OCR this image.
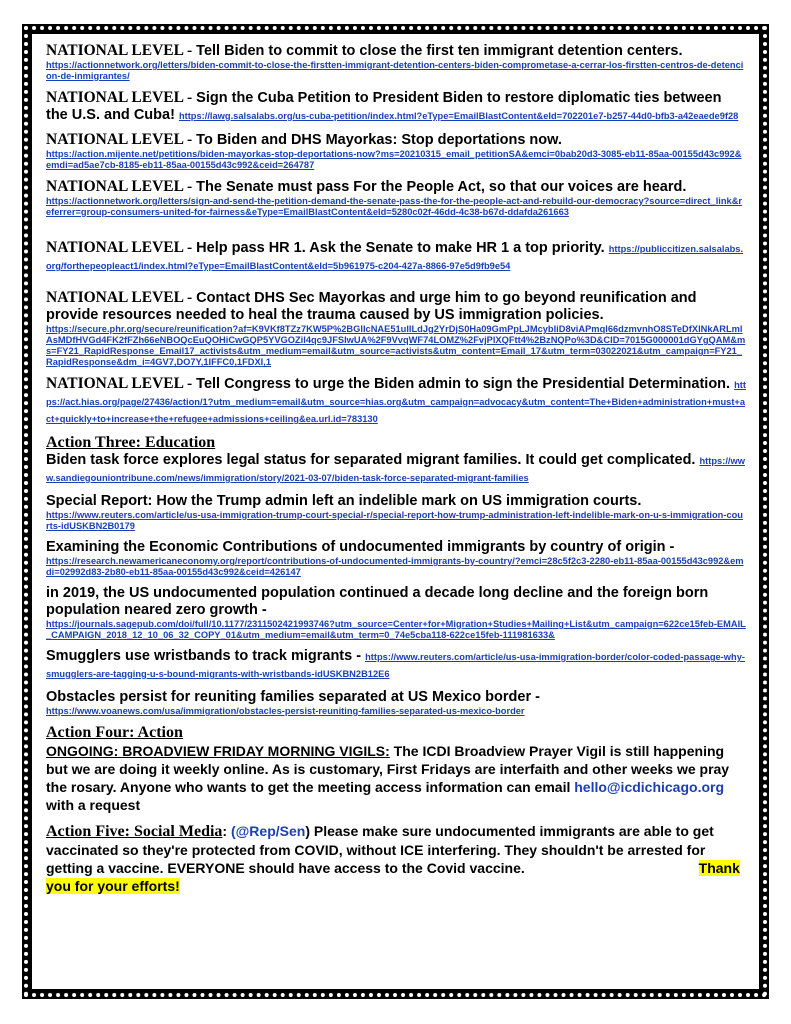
NATIONAL LEVEL - Tell Biden to commit to close the first ten immigrant detention centers.
https://actionnetwork.org/letters/biden-commit-to-close-the-firstten-immigrant-detention-centers-biden-comprometase-a-cerrar-los-firstten-centros-de-detencion-de-inmigrantes/
NATIONAL LEVEL - Sign the Cuba Petition to President Biden to restore diplomatic ties between the U.S. and Cuba! https://lawg.salsalabs.org/us-cuba-petition/index.html?eType=EmailBlastContent&eId=702201e7-b257-44d0-bfb3-a42eaede9f28
NATIONAL LEVEL - To Biden and DHS Mayorkas: Stop deportations now.
https://action.mijente.net/petitions/biden-mayorkas-stop-deportations-now?ms=20210315_email_petitionSA&emci=0bab20d3-3085-eb11-85aa-00155d43c992&emdi=ad5ae7cb-8185-eb11-85aa-00155d43c992&ceid=264787
NATIONAL LEVEL - The Senate must pass For the People Act, so that our voices are heard.
https://actionnetwork.org/letters/sign-and-send-the-petition-demand-the-senate-pass-the-for-the-people-act-and-rebuild-our-democracy?source=direct_link&referrer=group-consumers-united-for-fairness&eType=EmailBlastContent&eId=5280c02f-46dd-4c38-b67d-ddafda261663
NATIONAL LEVEL - Help pass HR 1. Ask the Senate to make HR 1 a top priority. https://publiccitizen.salsalabs.org/forthepeopleact1/index.html?eType=EmailBlastContent&eId=5b961975-c204-427a-8866-97e5d9fb9e54
NATIONAL LEVEL - Contact DHS Sec Mayorkas and urge him to go beyond reunification and provide resources needed to heal the trauma caused by US immigration policies.
https://secure.phr.org/secure/reunification?af=K9VKf8TZz7KW5P%2BGlIcNAE51ulILdJg2YrDjS0Ha09GmPpLJMcybliD8viAPmql66dzmvnhO8STeDfXlNkARLmlAsMDfHVGd4FK2fFZh66eNBOQcEuQOHiCwGQP5YVGOZil4qc9JFSIwUA%2F9VvqWF74LOMZ%2FvjPlXQFtt4%2BzNQPo%3D&CID=7015G000001dGYgQAM&ms=FY21_RapidResponse_Email17_activists&utm_medium=email&utm_source=activists&utm_content=Email_17&utm_term=03022021&utm_campaign=FY21_RapidResponse&dm_i=4GV7,DO7Y,1IFFC0,1FDXI,1
NATIONAL LEVEL - Tell Congress to urge the Biden admin to sign the Presidential Determination. https://act.hias.org/page/27436/action/1?utm_medium=email&utm_source=hias.org&utm_campaign=advocacy&utm_content=The+Biden+administration+must+act+quickly+to+increase+the+refugee+admissions+ceiling&ea.url.id=783130
Action Three: Education
Biden task force explores legal status for separated migrant families. It could get complicated. https://www.sandiegouniontribune.com/news/immigration/story/2021-03-07/biden-task-force-separated-migrant-families
Special Report: How the Trump admin left an indelible mark on US immigration courts.
https://www.reuters.com/article/us-usa-immigration-trump-court-special-r/special-report-how-trump-administration-left-indelible-mark-on-u-s-immigration-courts-idUSKBN2B0179
Examining the Economic Contributions of undocumented immigrants by country of origin -
https://research.newamericaneconomy.org/report/contributions-of-undocumented-immigrants-by-country/?emci=28c5f2c3-2280-eb11-85aa-00155d43c992&emdi=02992d83-2b80-eb11-85aa-00155d43c992&ceid=426147
in 2019, the US undocumented population continued a decade long decline and the foreign born population neared zero growth -
https://journals.sagepub.com/doi/full/10.1177/2311502421993746?utm_source=Center+for+Migration+Studies+Mailing+List&utm_campaign=622ce15feb-EMAIL_CAMPAIGN_2018_12_10_06_32_COPY_01&utm_medium=email&utm_term=0_74e5cba118-622ce15feb-111981633&
Smugglers use wristbands to track migrants - https://www.reuters.com/article/us-usa-immigration-border/color-coded-passage-why-smugglers-are-tagging-u-s-bound-migrants-with-wristbands-idUSKBN2B12E6
Obstacles persist for reuniting families separated at US Mexico border -
https://www.voanews.com/usa/immigration/obstacles-persist-reuniting-families-separated-us-mexico-border
Action Four: Action
ONGOING: BROADVIEW FRIDAY MORNING VIGILS: The ICDI Broadview Prayer Vigil is still happening but we are doing it weekly online. As is customary, First Fridays are interfaith and other weeks we pray the rosary. Anyone who wants to get the meeting access information can email hello@icdichicago.org with a request
Action Five: Social Media: (@Rep/Sen) Please make sure undocumented immigrants are able to get vaccinated so they're protected from COVID, without ICE interfering. They shouldn't be arrested for getting a vaccine. EVERYONE should have access to the Covid vaccine.	Thank you for your efforts!
